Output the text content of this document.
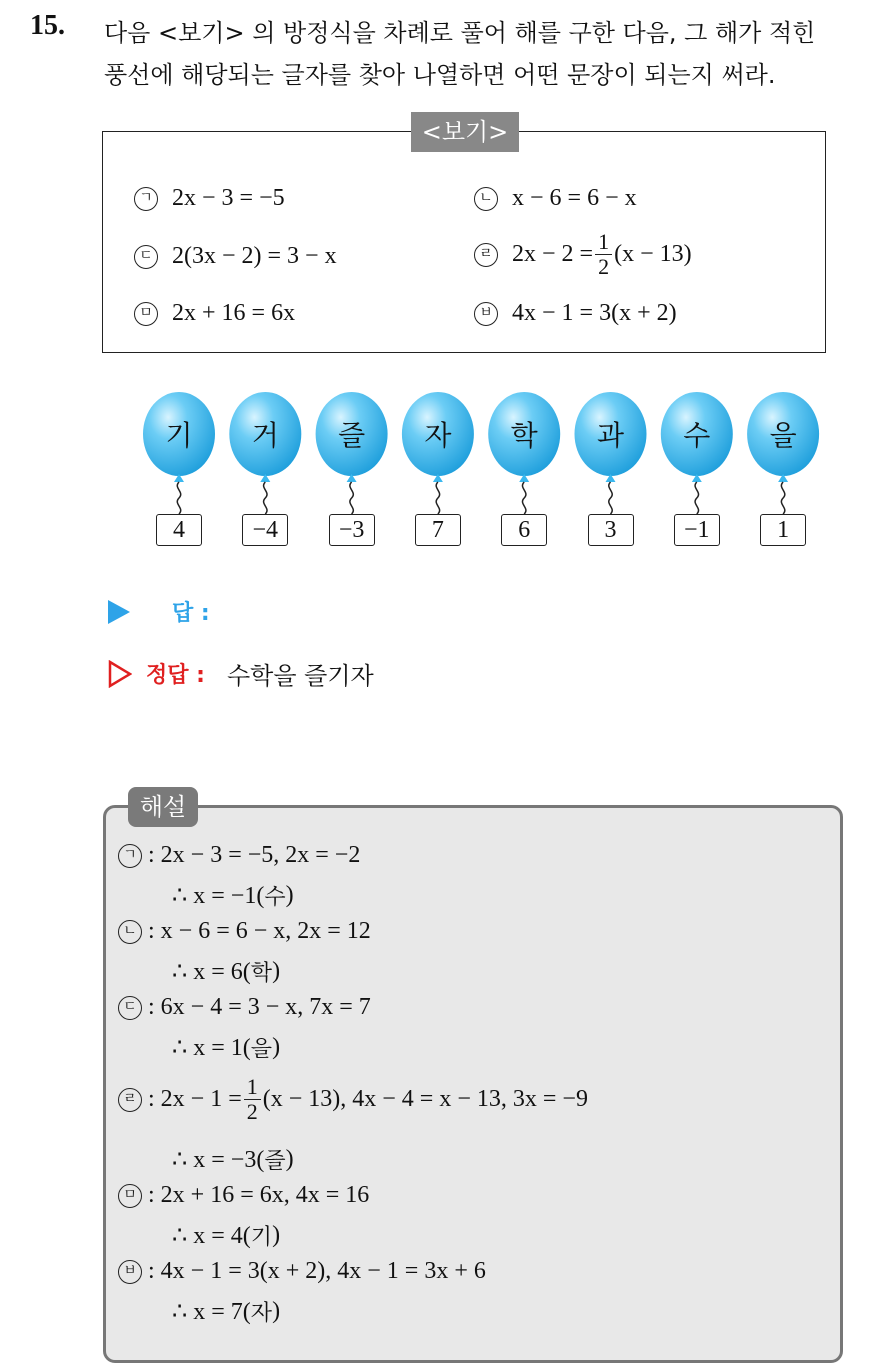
15. 다음 <보기> 의 방정식을 차례로 풀어 해를 구한 다음, 그 해가 적힌
풍선에 해당되는 글자를 찾아 나열하면 어떤 문장이 되는지 써라.
<보기>
ㄱ 2x − 3 = −5	ㄴ x − 6 = 6 − x
ㄷ 2(3x − 2) = 3 − x	ㄹ $2x - 2 = \frac{1}{2} (x - 13)$
ㅁ 2x + 16 = 6x	ㅂ 4x − 1 = 3(x + 2)
기
4
거
−4
즐
−3
자
7
학
6
과
3
수
−1
을
1
답 :
정답 : 수학을 즐기자
해설
ㄱ : 2x − 3 = −5, 2x = −2
∴ x = −1( 수 )
ㄴ : x − 6 = 6 − x, 2x = 12
∴ x = 6( 학 )
ㄷ : 6x − 4 = 3 − x, 7x = 7
∴ x = 1( 을 )
ㄹ : $2x - 1 = \frac{1}{2} (x - 13)$, 4x − 4 = x − 13, 3x = −9
∴ x = −3( 즐 )
ㅁ : 2x + 16 = 6x, 4x = 16
∴ x = 4( 기 )
ㅂ : 4x − 1 = 3(x + 2), 4x − 1 = 3x + 6
∴ x = 7( 자 )
